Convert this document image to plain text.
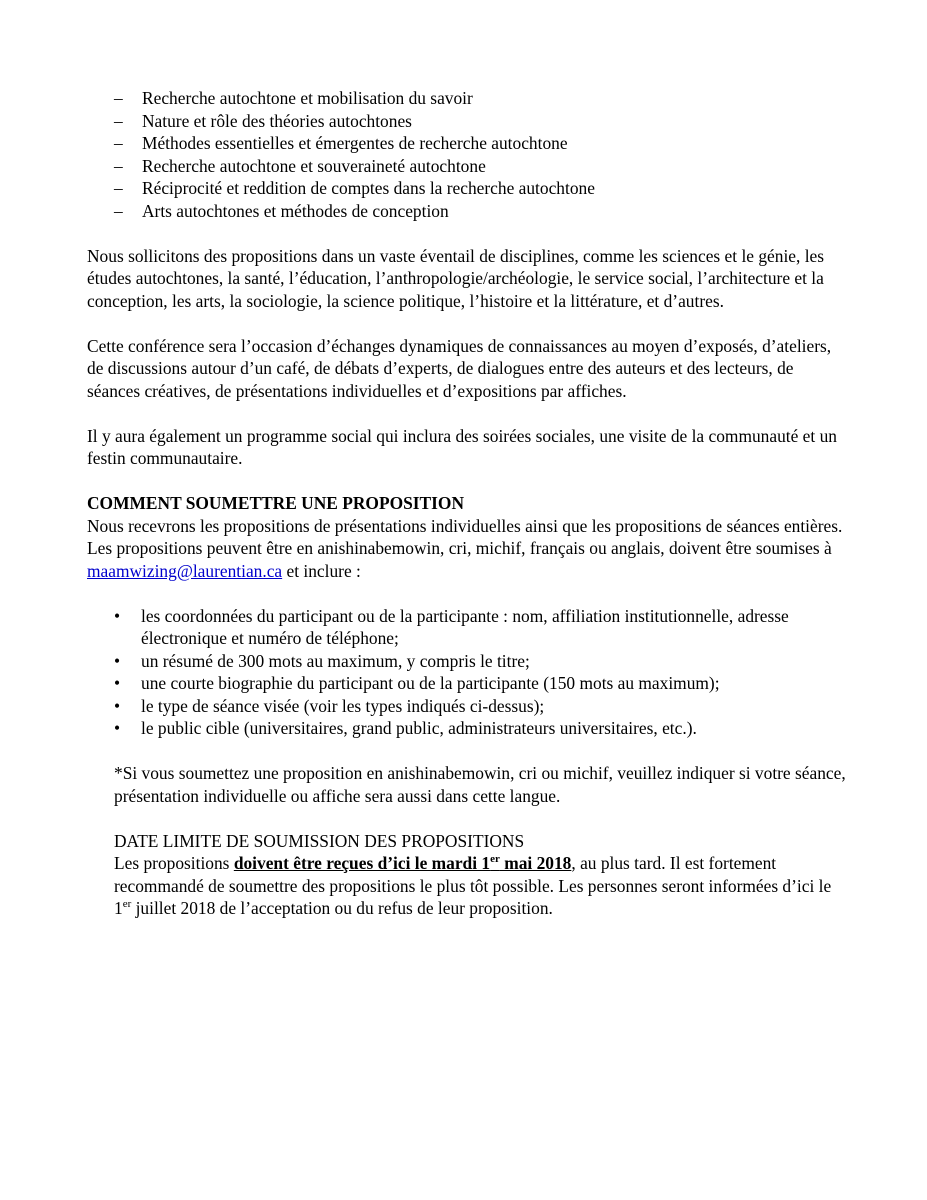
– Recherche autochtone et mobilisation du savoir
– Nature et rôle des théories autochtones
– Méthodes essentielles et émergentes de recherche autochtone
– Recherche autochtone et souveraineté autochtone
– Réciprocité et reddition de comptes dans la recherche autochtone
– Arts autochtones et méthodes de conception

Nous sollicitons des propositions dans un vaste éventail de disciplines, comme les sciences et le génie, les études autochtones, la santé, l’éducation, l’anthropologie/archéologie, le service social, l’architecture et la conception, les arts, la sociologie, la science politique, l’histoire et la littérature, et d’autres.

Cette conférence sera l’occasion d’échanges dynamiques de connaissances au moyen d’exposés, d’ateliers, de discussions autour d’un café, de débats d’experts, de dialogues entre des auteurs et des lecteurs, de séances créatives, de présentations individuelles et d’expositions par affiches.

Il y aura également un programme social qui inclura des soirées sociales, une visite de la communauté et un festin communautaire.

COMMENT SOUMETTRE UNE PROPOSITION
Nous recevrons les propositions de présentations individuelles ainsi que les propositions de séances entières. Les propositions peuvent être en anishinabemowin, cri, michif, français ou anglais, doivent être soumises à maamwizing@laurentian.ca et inclure :

• les coordonnées du participant ou de la participante : nom, affiliation institutionnelle, adresse électronique et numéro de téléphone;
• un résumé de 300 mots au maximum, y compris le titre;
• une courte biographie du participant ou de la participante (150 mots au maximum);
• le type de séance visée (voir les types indiqués ci-dessus);
• le public cible (universitaires, grand public, administrateurs universitaires, etc.).

*Si vous soumettez une proposition en anishinabemowin, cri ou michif, veuillez indiquer si votre séance, présentation individuelle ou affiche sera aussi dans cette langue.

DATE LIMITE DE SOUMISSION DES PROPOSITIONS
Les propositions doivent être reçues d’ici le mardi 1er mai 2018, au plus tard. Il est fortement recommandé de soumettre des propositions le plus tôt possible. Les personnes seront informées d’ici le 1er juillet 2018 de l’acceptation ou du refus de leur proposition.
